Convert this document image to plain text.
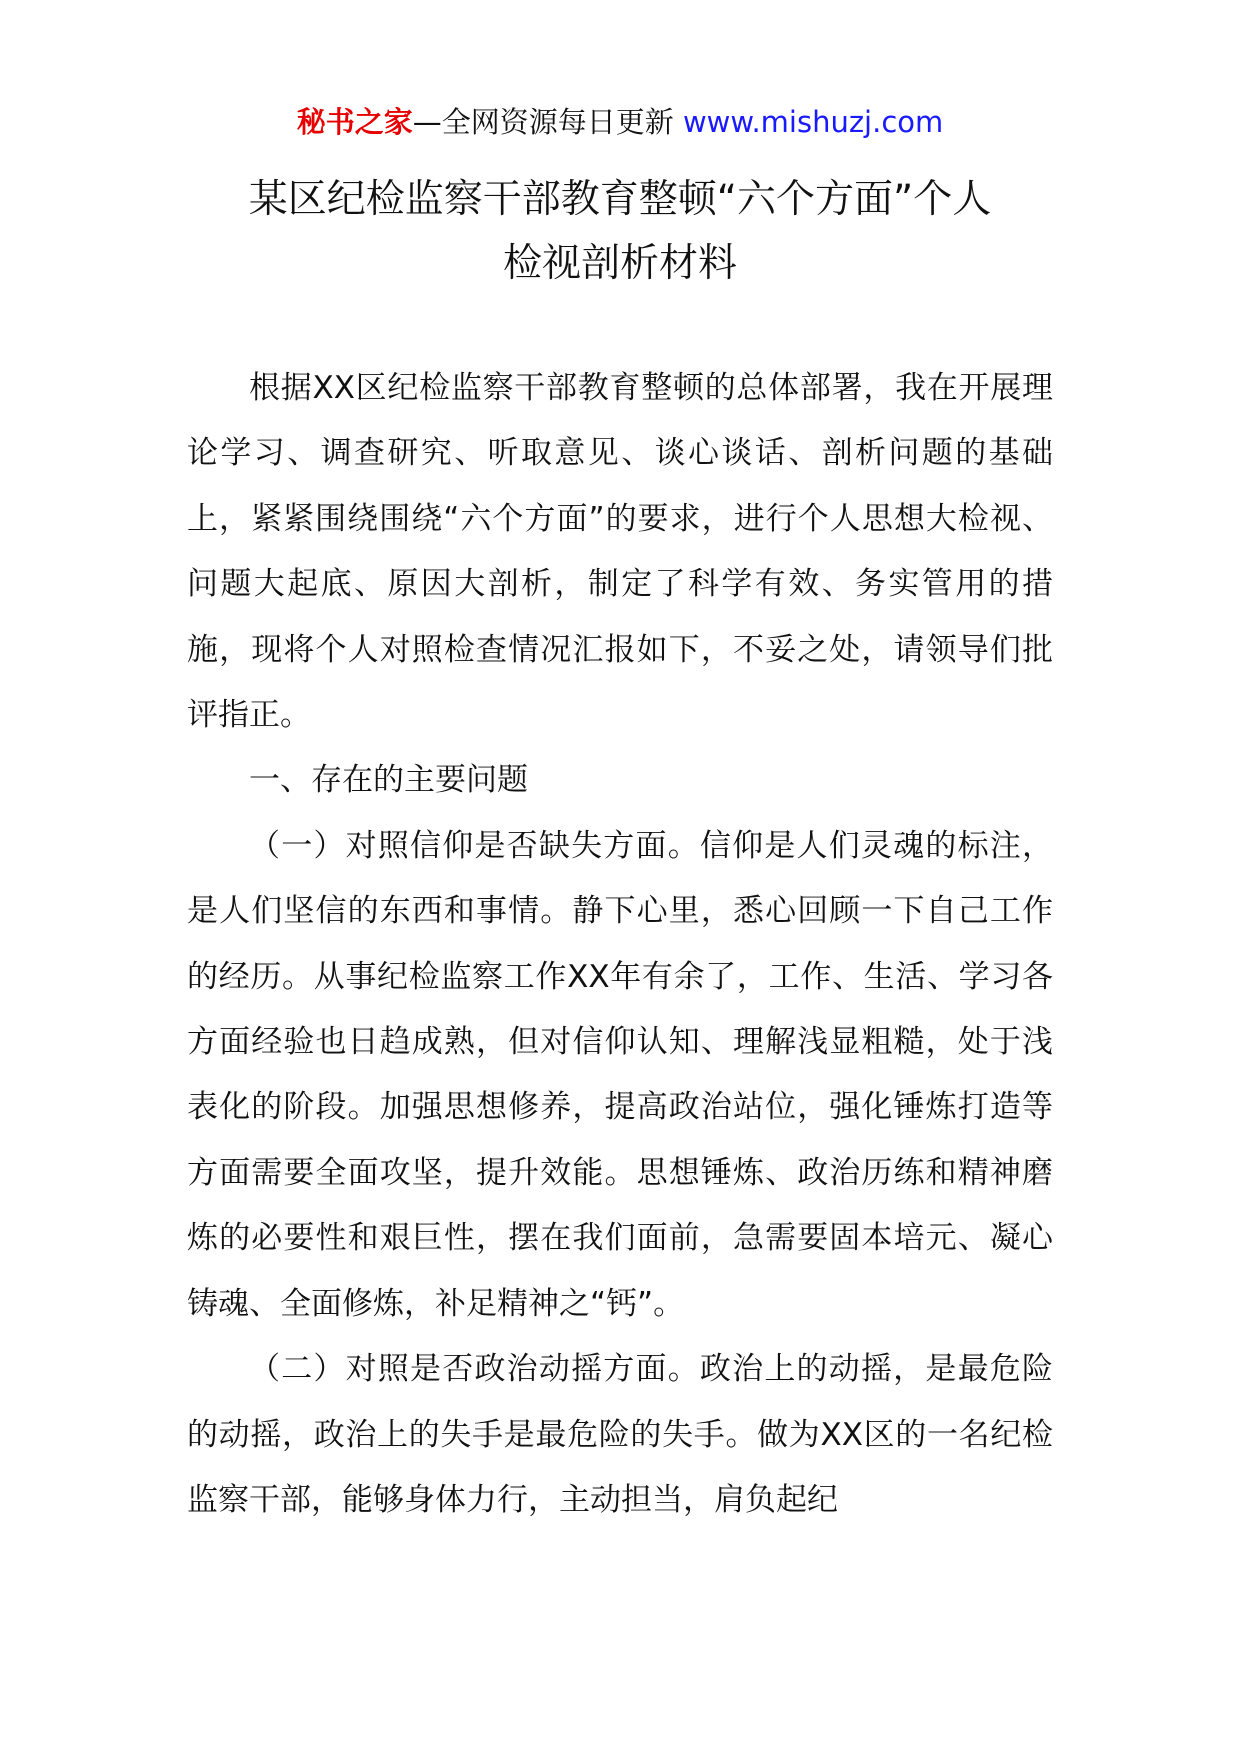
秘书之家—全网资源每日更新 www.mishuzj.com
某区纪检监察干部教育整顿“六个方面”个人
检视剖析材料

根据XX区纪检监察干部教育整顿的总体部署，我在开展理论学习、调查研究、听取意见、谈心谈话、剖析问题的基础上，紧紧围绕围绕“六个方面”的要求，进行个人思想大检视、问题大起底、原因大剖析，制定了科学有效、务实管用的措施，现将个人对照检查情况汇报如下，不妥之处，请领导们批评指正。

一、存在的主要问题

（一）对照信仰是否缺失方面。信仰是人们灵魂的标注，是人们坚信的东西和事情。静下心里，悉心回顾一下自己工作的经历。从事纪检监察工作XX年有余了，工作、生活、学习各方面经验也日趋成熟，但对信仰认知、理解浅显粗糙，处于浅表化的阶段。加强思想修养，提高政治站位，强化锤炼打造等方面需要全面攻坚，提升效能。思想锤炼、政治历练和精神磨炼的必要性和艰巨性，摆在我们面前，急需要固本培元、凝心铸魂、全面修炼，补足精神之“钙”。

（二）对照是否政治动摇方面。政治上的动摇，是最危险的动摇，政治上的失手是最危险的失手。做为XX区的一名纪检监察干部，能够身体力行，主动担当，肩负起纪
